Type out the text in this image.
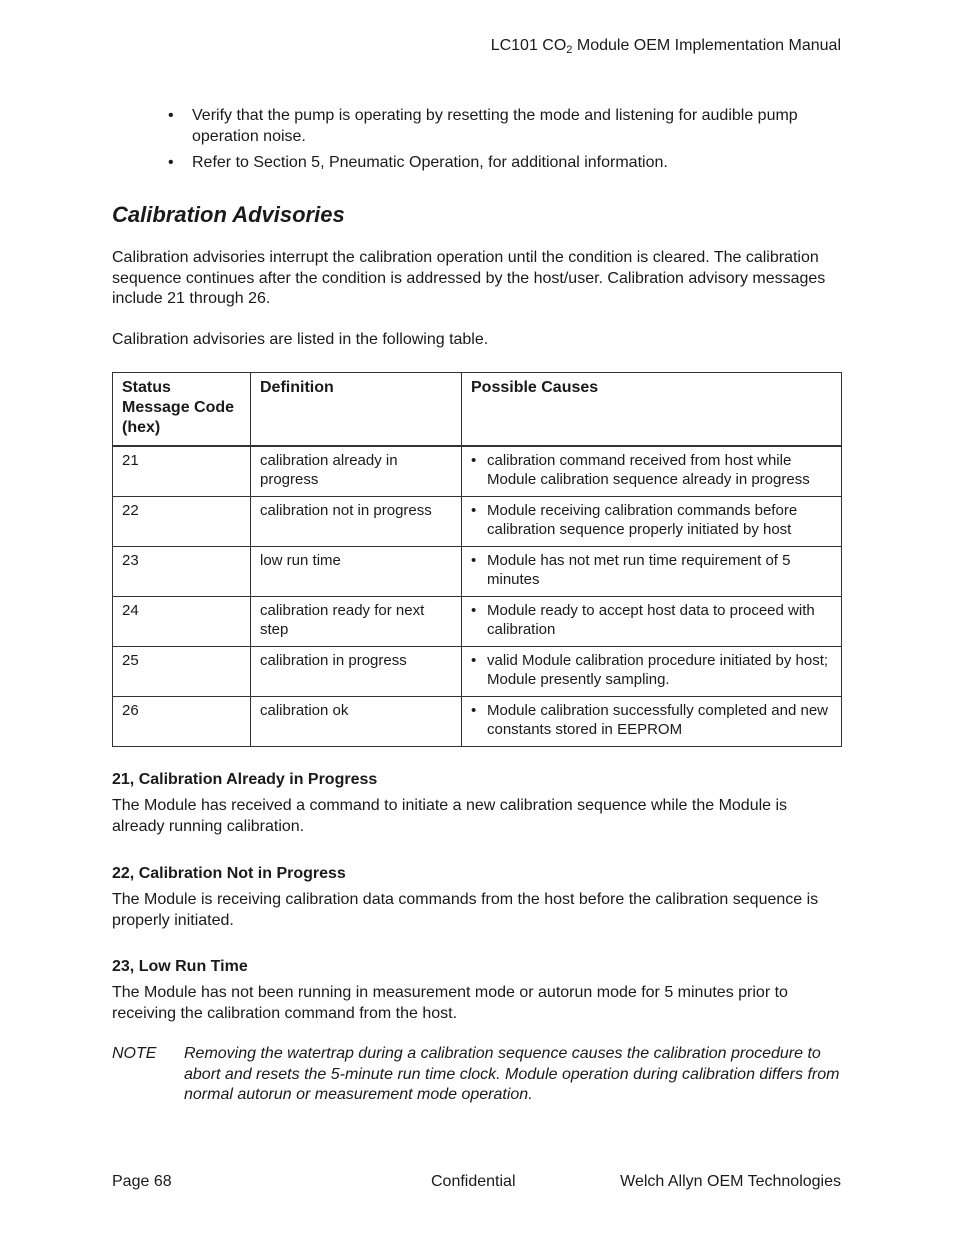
LC101 $CO_2$ Module OEM Implementation Manual
• Verify that the pump is operating by resetting the mode and listening for audible pump operation noise.
• Refer to Section 5, Pneumatic Operation, for additional information.
Calibration Advisories
Calibration advisories interrupt the calibration operation until the condition is cleared. The calibration sequence continues after the condition is addressed by the host/user. Calibration advisory messages include 21 through 26.
Calibration advisories are listed in the following table.
Status Message Code (hex)	Definition	Possible Causes
21	calibration already in progress	• calibration command received from host while Module calibration sequence already in progress

22	calibration not in progress	• Module receiving calibration commands before calibration sequence properly initiated by host

23	low run time	• Module has not met run time requirement of 5 minutes

24	calibration ready for next step	• Module ready to accept host data to proceed with calibration

25	calibration in progress	• valid Module calibration procedure initiated by host; Module presently sampling.

26	calibration ok	• Module calibration successfully completed and new constants stored in EEPROM
21, Calibration Already in Progress
The Module has received a command to initiate a new calibration sequence while the Module is already running calibration.
22, Calibration Not in Progress
The Module is receiving calibration data commands from the host before the calibration sequence is properly initiated.
23, Low Run Time
The Module has not been running in measurement mode or autorun mode for 5 minutes prior to receiving the calibration command from the host.
NOTE Removing the watertrap during a calibration sequence causes the calibration procedure to abort and resets the 5-minute run time clock. Module operation during calibration differs from normal autorun or measurement mode operation.
Page 68	Confidential	Welch Allyn OEM Technologies
